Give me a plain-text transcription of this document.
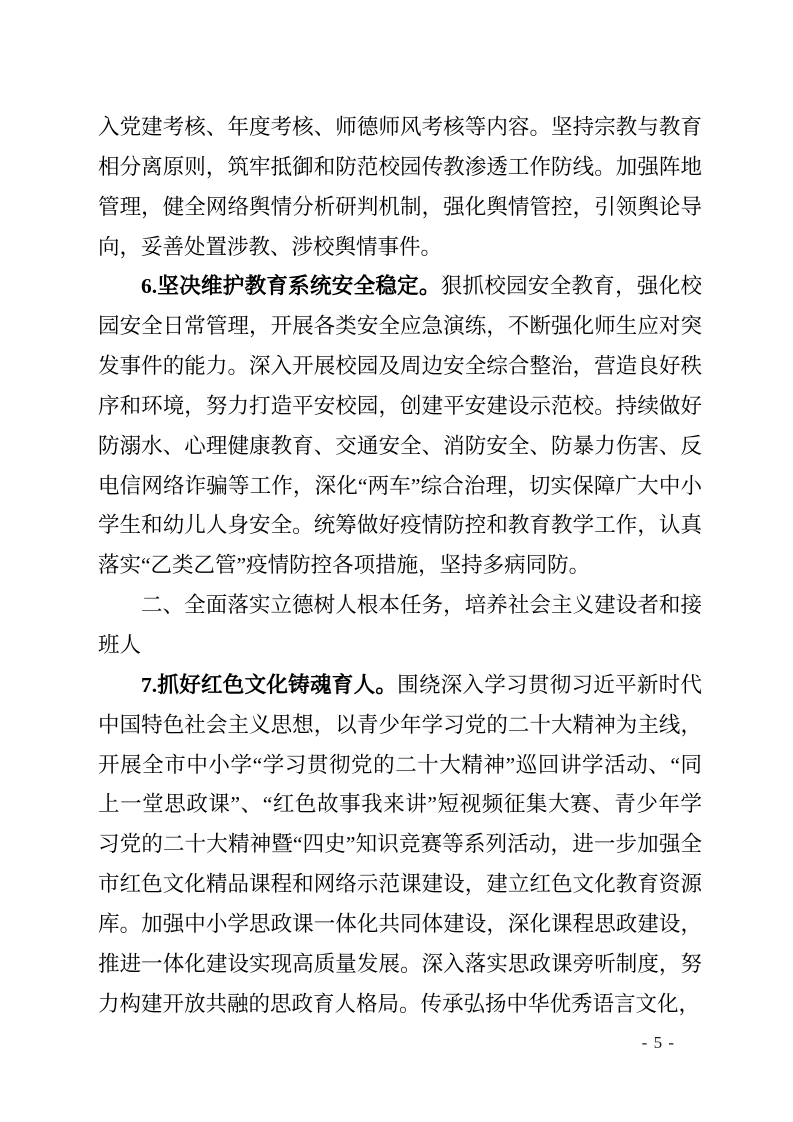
入党建考核、年度考核、师德师风考核等内容。坚持宗教与教育相分离原则，筑牢抵御和防范校园传教渗透工作防线。加强阵地管理，健全网络舆情分析研判机制，强化舆情管控，引领舆论导向，妥善处置涉教、涉校舆情事件。

6.坚决维护教育系统安全稳定。狠抓校园安全教育，强化校园安全日常管理，开展各类安全应急演练，不断强化师生应对突发事件的能力。深入开展校园及周边安全综合整治，营造良好秩序和环境，努力打造平安校园，创建平安建设示范校。持续做好防溺水、心理健康教育、交通安全、消防安全、防暴力伤害、反电信网络诈骗等工作，深化“两车”综合治理，切实保障广大中小学生和幼儿人身安全。统筹做好疫情防控和教育教学工作，认真落实“乙类乙管”疫情防控各项措施，坚持多病同防。

二、全面落实立德树人根本任务，培养社会主义建设者和接班人

7.抓好红色文化铸魂育人。围绕深入学习贯彻习近平新时代中国特色社会主义思想，以青少年学习党的二十大精神为主线，开展全市中小学“学习贯彻党的二十大精神”巡回讲学活动、“同上一堂思政课”、“红色故事我来讲”短视频征集大赛、青少年学习党的二十大精神暨“四史”知识竞赛等系列活动，进一步加强全市红色文化精品课程和网络示范课建设，建立红色文化教育资源库。加强中小学思政课一体化共同体建设，深化课程思政建设，推进一体化建设实现高质量发展。深入落实思政课旁听制度，努力构建开放共融的思政育人格局。传承弘扬中华优秀语言文化，

- 5 -
